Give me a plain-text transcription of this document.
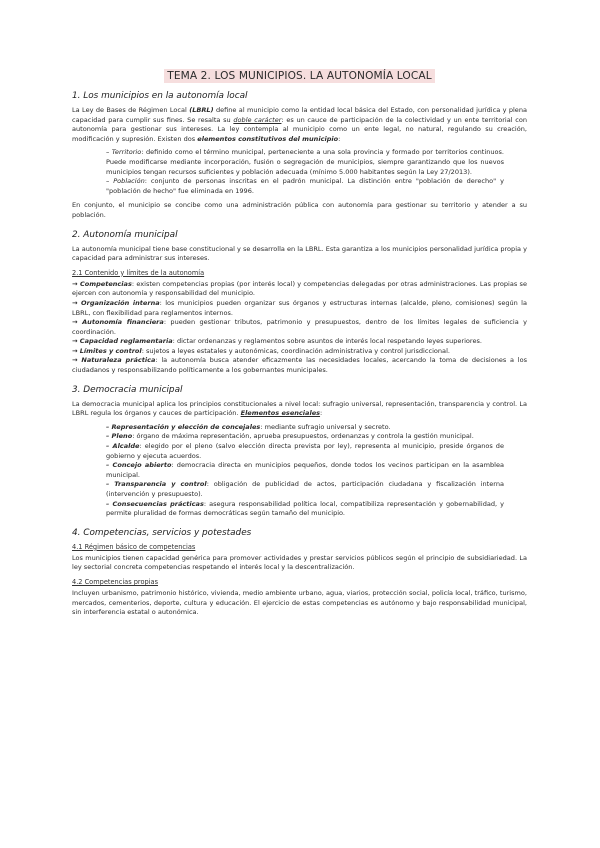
TEMA 2. LOS MUNICIPIOS. LA AUTONOMÍA LOCAL
1. Los municipios en la autonomía local

La Ley de Bases de Régimen Local (LBRL) define al municipio como la entidad local básica del Estado, con personalidad jurídica y plena capacidad para cumplir sus fines. Se resalta su doble carácter: es un cauce de participación de la colectividad y un ente territorial con autonomía para gestionar sus intereses. La ley contempla al municipio como un ente legal, no natural, regulando su creación, modificación y supresión. Existen dos elementos constitutivos del municipio:

– Territorio: definido como el término municipal, perteneciente a una sola provincia y formado por territorios continuos. Puede modificarse mediante incorporación, fusión o segregación de municipios, siempre garantizando que los nuevos municipios tengan recursos suficientes y población adecuada (mínimo 5.000 habitantes según la Ley 27/2013).

– Población: conjunto de personas inscritas en el padrón municipal. La distinción entre "población de derecho" y "población de hecho" fue eliminada en 1996.

En conjunto, el municipio se concibe como una administración pública con autonomía para gestionar su territorio y atender a su población.

2. Autonomía municipal

La autonomía municipal tiene base constitucional y se desarrolla en la LBRL. Esta garantiza a los municipios personalidad jurídica propia y capacidad para administrar sus intereses.

2.1 Contenido y límites de la autonomía

→ Competencias: existen competencias propias (por interés local) y competencias delegadas por otras administraciones. Las propias se ejercen con autonomía y responsabilidad del municipio.

→ Organización interna: los municipios pueden organizar sus órganos y estructuras internas (alcalde, pleno, comisiones) según la LBRL, con flexibilidad para reglamentos internos.

→ Autonomía financiera: pueden gestionar tributos, patrimonio y presupuestos, dentro de los límites legales de suficiencia y coordinación.

→ Capacidad reglamentaria: dictar ordenanzas y reglamentos sobre asuntos de interés local respetando leyes superiores.

→ Límites y control: sujetos a leyes estatales y autonómicas, coordinación administrativa y control jurisdiccional.

→ Naturaleza práctica: la autonomía busca atender eficazmente las necesidades locales, acercando la toma de decisiones a los ciudadanos y responsabilizando políticamente a los gobernantes municipales.

3. Democracia municipal

La democracia municipal aplica los principios constitucionales a nivel local: sufragio universal, representación, transparencia y control. La LBRL regula los órganos y cauces de participación. Elementos esenciales:

– Representación y elección de concejales: mediante sufragio universal y secreto.

– Pleno: órgano de máxima representación, aprueba presupuestos, ordenanzas y controla la gestión municipal.

– Alcalde: elegido por el pleno (salvo elección directa prevista por ley), representa al municipio, preside órganos de gobierno y ejecuta acuerdos.

– Concejo abierto: democracia directa en municipios pequeños, donde todos los vecinos participan en la asamblea municipal.

– Transparencia y control: obligación de publicidad de actos, participación ciudadana y fiscalización interna (intervención y presupuesto).

– Consecuencias prácticas: asegura responsabilidad política local, compatibiliza representación y gobernabilidad, y permite pluralidad de formas democráticas según tamaño del municipio.

4. Competencias, servicios y potestades
4.1 Régimen básico de competencias

Los municipios tienen capacidad genérica para promover actividades y prestar servicios públicos según el principio de subsidiariedad. La ley sectorial concreta competencias respetando el interés local y la descentralización.

4.2 Competencias propias

Incluyen urbanismo, patrimonio histórico, vivienda, medio ambiente urbano, agua, viarios, protección social, policía local, tráfico, turismo, mercados, cementerios, deporte, cultura y educación. El ejercicio de estas competencias es autónomo y bajo responsabilidad municipal, sin interferencia estatal o autonómica.
